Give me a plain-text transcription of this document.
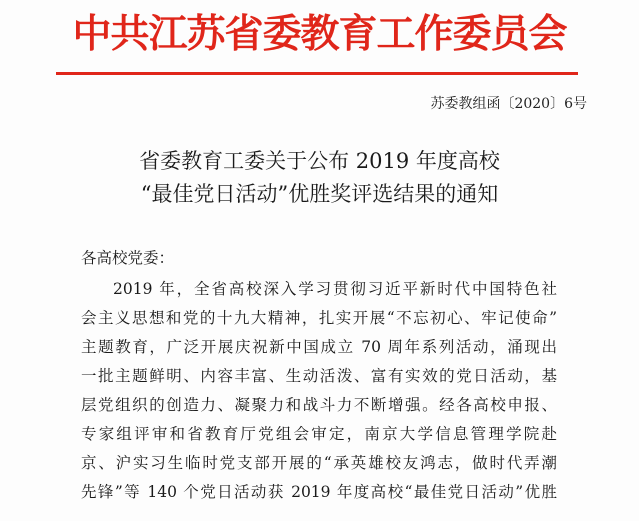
中共江苏省委教育工作委员会
苏委教组函〔2020〕6号
省委教育工委关于公布 2019 年度高校
“最佳党日活动”优胜奖评选结果的通知
各高校党委：
2019 年，全省高校深入学习贯彻习近平新时代中国特色社
会主义思想和党的十九大精神，扎实开展“不忘初心、牢记使命”
主题教育，广泛开展庆祝新中国成立 70 周年系列活动，涌现出
一批主题鲜明、内容丰富、生动活泼、富有实效的党日活动，基
层党组织的创造力、凝聚力和战斗力不断增强。经各高校申报、
专家组评审和省教育厅党组会审定，南京大学信息管理学院赴
京、沪实习生临时党支部开展的“承英雄校友鸿志，做时代弄潮
先锋”等 140 个党日活动获 2019 年度高校“最佳党日活动”优胜
